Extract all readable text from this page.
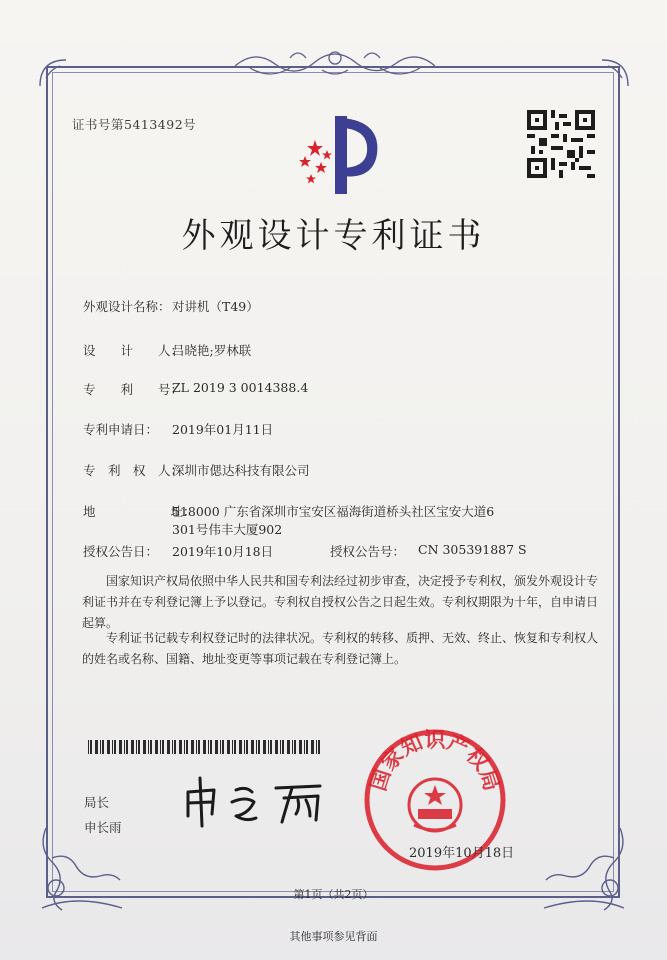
证书号第5413492号
外观设计专利证书
外观设计名称： 对讲机（T49）
设　　计　　人：
吕晓艳;罗林联
专　　利　　号：
ZL 2019 3 0014388.4
专利申请日： 2019年01月11日
专　利　权　人：
深圳市偲达科技有限公司
地　　　　　　址：
518000 广东省深圳市宝安区福海街道桥头社区宝安大道6
301号伟丰大厦902
授权公告日： 2019年10月18日	授权公告号： CN 305391887 S
国家知识产权局依照中华人民共和国专利法经过初步审查，决定授予专利权，颁发外观设计专利证书并在专利登记簿上予以登记。专利权自授权公告之日起生效。专利权期限为十年，自申请日起算。
专利证书记载专利权登记时的法律状况。专利权的转移、质押、无效、终止、恢复和专利权人的姓名或名称、国籍、地址变更等事项记载在专利登记簿上。
局长
申长雨
国家知识产权局
2019年10月18日
第1页（共2页）
其他事项参见背面
